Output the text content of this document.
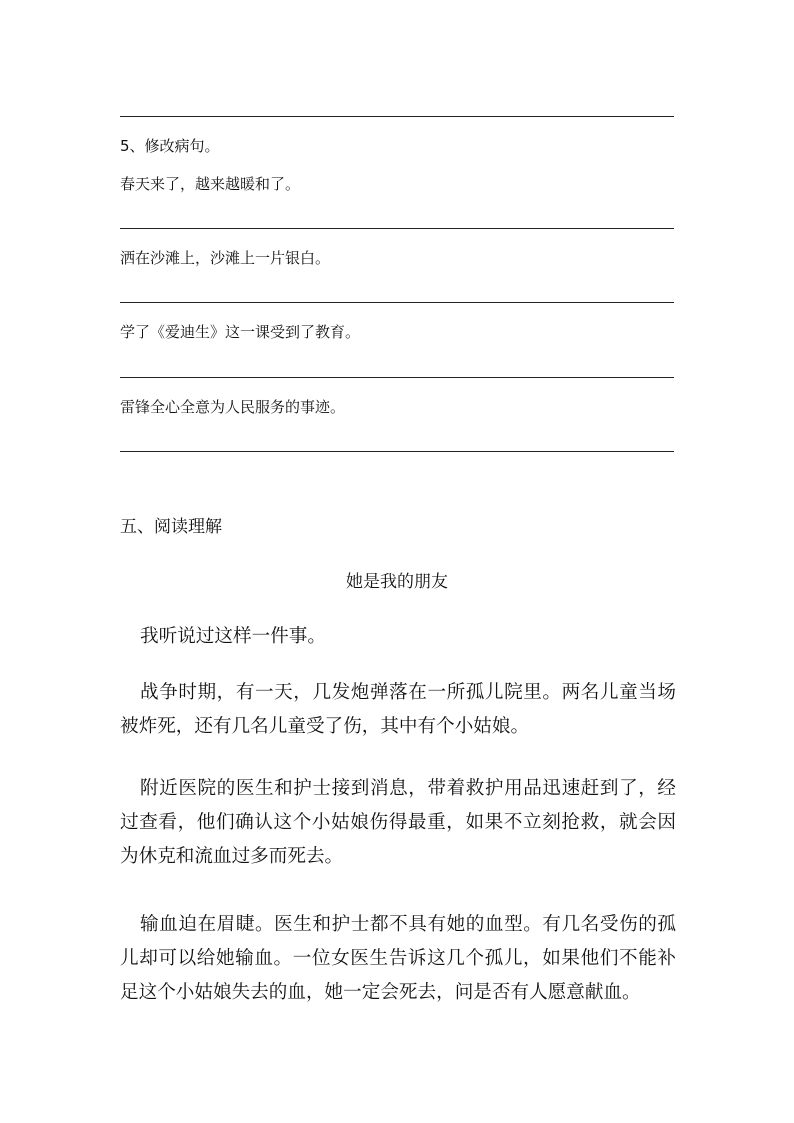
5、修改病句。
春天来了，越来越暖和了。
洒在沙滩上，沙滩上一片银白。
学了《爱迪生》这一课受到了教育。
雷锋全心全意为人民服务的事迹。
五、阅读理解
她是我的朋友
我听说过这样一件事。
战争时期，有一天，几发炮弹落在一所孤儿院里。两名儿童当场被炸死，还有几名儿童受了伤，其中有个小姑娘。
附近医院的医生和护士接到消息，带着救护用品迅速赶到了，经过查看，他们确认这个小姑娘伤得最重，如果不立刻抢救，就会因为休克和流血过多而死去。
输血迫在眉睫。医生和护士都不具有她的血型。有几名受伤的孤儿却可以给她输血。一位女医生告诉这几个孤儿，如果他们不能补足这个小姑娘失去的血，她一定会死去，问是否有人愿意献血。
